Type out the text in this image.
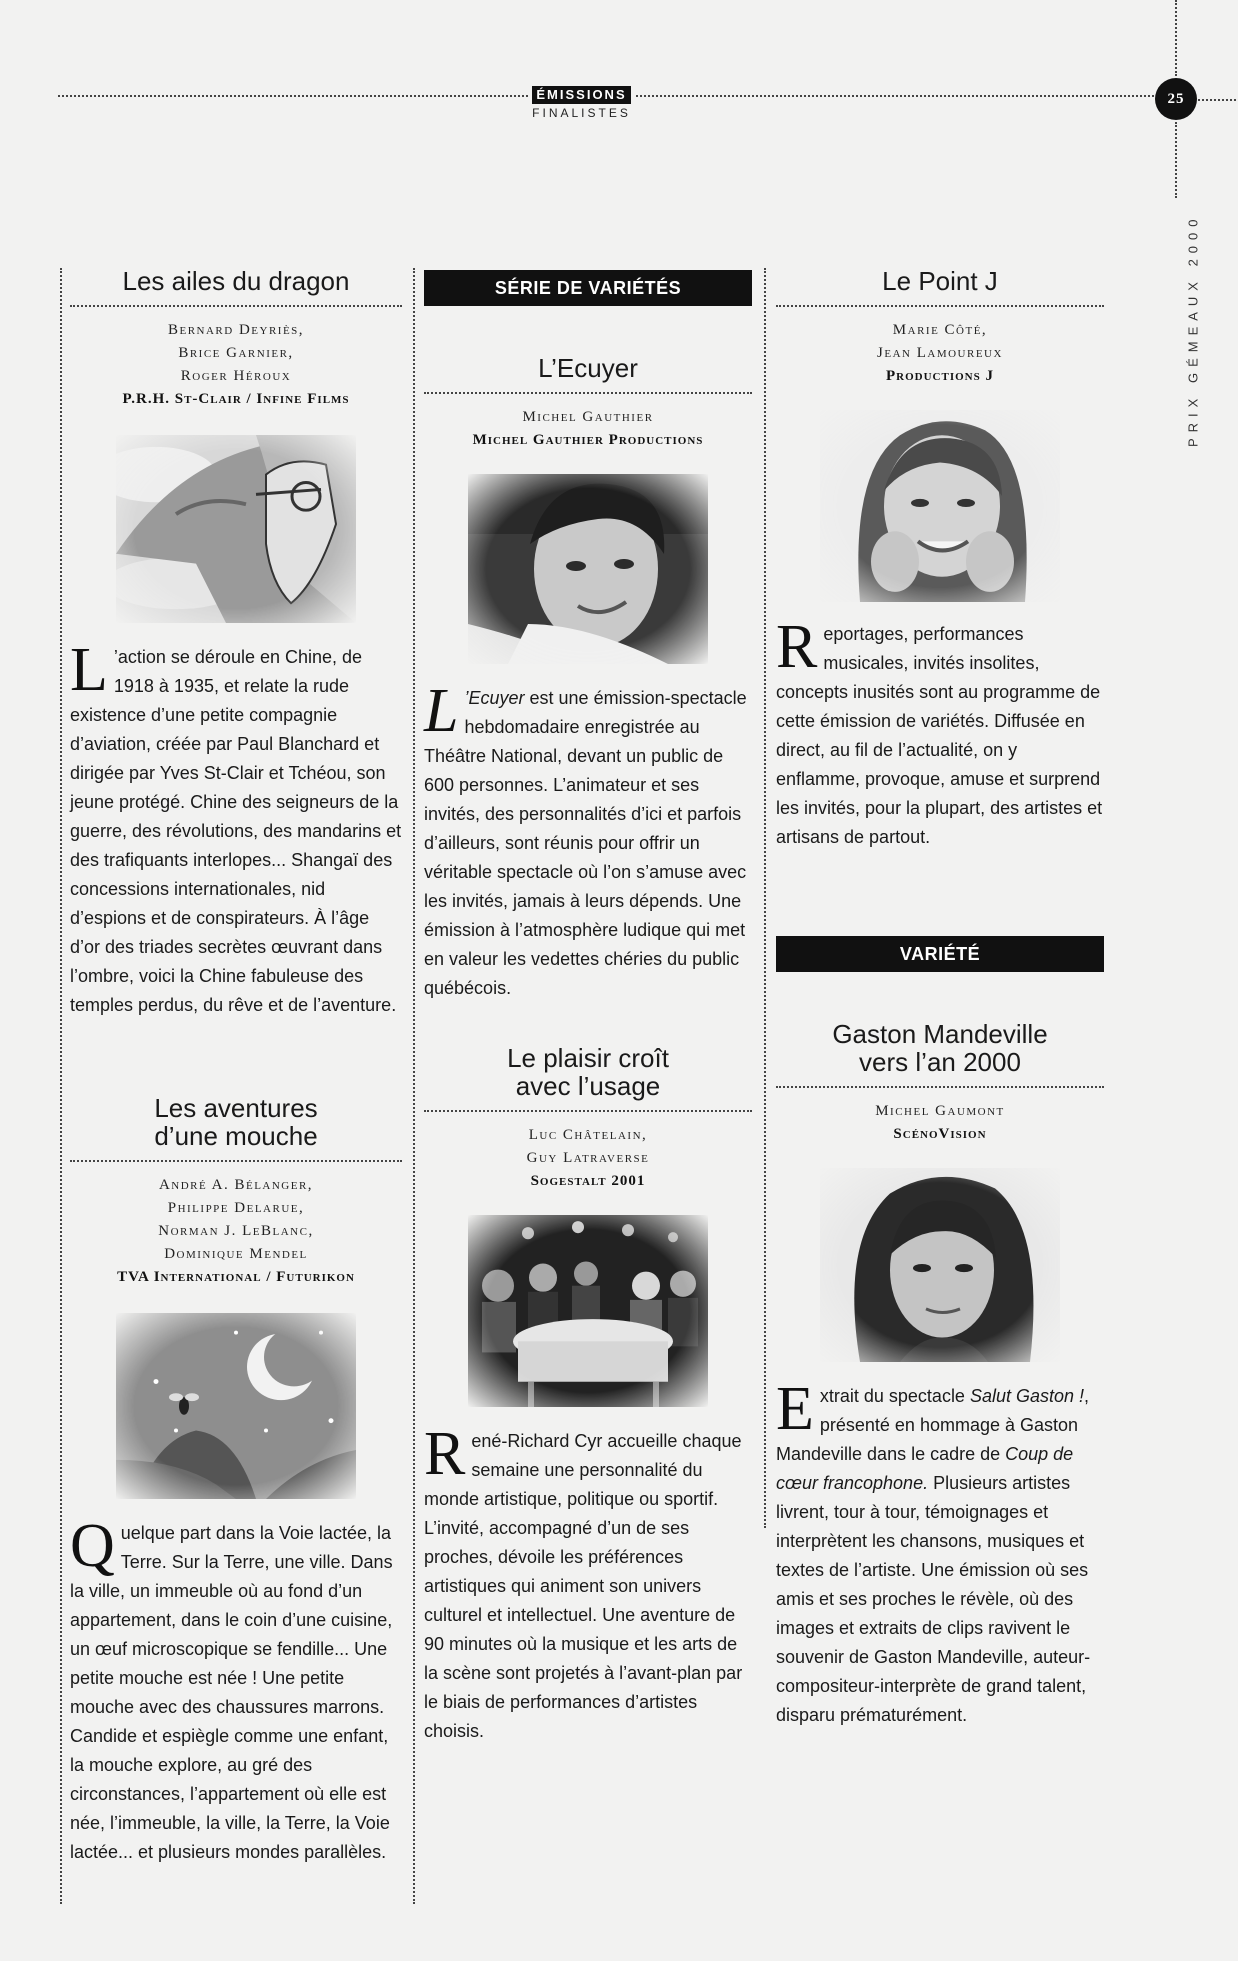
ÉMISSIONS
FINALISTES
25
PRIX GÉMEAUX 2000
Les ailes du dragon
Bernard Deyriès,
Brice Garnier,
Roger Héroux
P.R.H. St-Clair / Infine Films

L ’action se déroule en Chine, de 1918 à 1935, et relate la rude existence d’une petite compagnie d’aviation, créée par Paul Blanchard et dirigée par Yves St-Clair et Tchéou, son jeune protégé. Chine des seigneurs de la guerre, des révolutions, des mandarins et des trafiquants interlopes... Shangaï des concessions internationales, nid d’espions et de conspirateurs. À l’âge d’or des triades secrètes œuvrant dans l’ombre, voici la Chine fabuleuse des temples perdus, du rêve et de l’aventure.

Les aventures
d’une mouche
André A. Bélanger,
Philippe Delarue,
Norman J. LeBlanc,
Dominique Mendel
TVA International / Futurikon

Quelque part dans la Voie lactée, la Terre. Sur la Terre, une ville. Dans la ville, un immeuble où au fond d’un appartement, dans le coin d’une cuisine, un œuf microscopique se fendille... Une petite mouche est née ! Une petite mouche avec des chaussures marrons. Candide et espiègle comme une enfant, la mouche explore, au gré des circonstances, l’appartement où elle est née, l’immeuble, la ville, la Terre, la Voie lactée... et plusieurs mondes parallèles.

SÉRIE DE VARIÉTÉS
L’Ecuyer
Michel Gauthier
Michel Gauthier Productions

L ’Ecuyer est une émission-spectacle hebdomadaire enregistrée au Théâtre National, devant un public de 600 personnes. L’animateur et ses invités, des personnalités d’ici et parfois d’ailleurs, sont réunis pour offrir un véritable spectacle où l’on s’amuse avec les invités, jamais à leurs dépends. Une émission à l’atmosphère ludique qui met en valeur les vedettes chéries du public québécois.

Le plaisir croît
avec l’usage
Luc Châtelain,
Guy Latraverse
Sogestalt 2001

René-Richard Cyr accueille chaque semaine une personnalité du monde artistique, politique ou sportif. L’invité, accompagné d’un de ses proches, dévoile les préférences artistiques qui animent son univers culturel et intellectuel. Une aventure de 90 minutes où la musique et les arts de la scène sont projetés à l’avant-plan par le biais de performances d’artistes choisis.

Le Point J
Marie Côté,
Jean Lamoureux
Productions J

Reportages, performances musicales, invités insolites, concepts inusités sont au programme de cette émission de variétés. Diffusée en direct, au fil de l’actualité, on y enflamme, provoque, amuse et surprend les invités, pour la plupart, des artistes et artisans de partout.

VARIÉTÉ
Gaston Mandeville
vers l’an 2000
Michel Gaumont
ScénoVision

Extrait du spectacle Salut Gaston !, présenté en hommage à Gaston Mandeville dans le cadre de Coup de cœur francophone. Plusieurs artistes livrent, tour à tour, témoignages et interprètent les chansons, musiques et textes de l’artiste. Une émission où ses amis et ses proches le révèle, où des images et extraits de clips ravivent le souvenir de Gaston Mandeville, auteur-compositeur-interprète de grand talent, disparu prématurément.
